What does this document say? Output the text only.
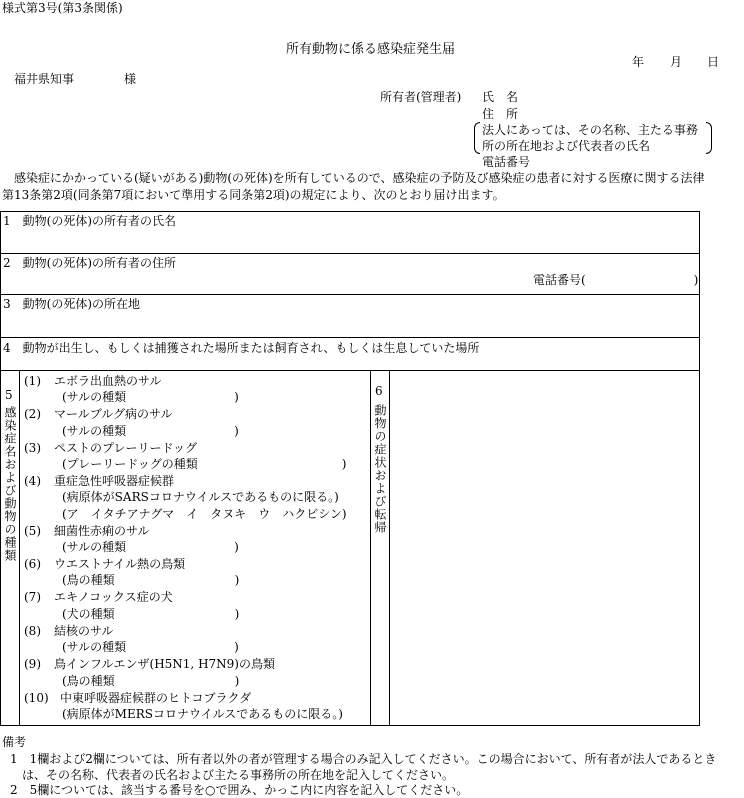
様式第3号(第3条関係)
所有動物に係る感染症発生届
年 月 日
福井県知事	様
所有者(管理者) 氏　名
住　所
法人にあっては、その名称、主たる事務
所の所在地および代表者の氏名
電話番号
　感染症にかかっている(疑いがある)動物(の死体)を所有しているので、感染症の予防及び感染症の患者に対する医療に関する法律
第13条第2項(同条第7項において準用する同条第2項)の規定により、次のとおり届け出ます。
1　動物(の死体)の所有者の氏名
2　動物(の死体)の所有者の住所
電話番号(　　　　　　　　　)
3　動物(の死体)の所在地
4　動物が出生し、もしくは捕獲された場所または飼育され、もしくは生息していた場所
5
感染症名および動物の種類
(1) エボラ出血熱のサル
(サルの種類　　　　　　　　　)
(2) マールブルグ病のサル
(サルの種類　　　　　　　　　)
(3) ペストのプレーリードッグ
(プレーリードッグの種類　　　　　　　　　　　　)
(4) 重症急性呼吸器症候群
(病原体がSARSコロナウイルスであるものに限る。)
(ア　イタチアナグマ　イ　タヌキ　ウ　ハクビシン)
(5) 細菌性赤痢のサル
(サルの種類　　　　　　　　　)
(6) ウエストナイル熱の鳥類
(鳥の種類　　　　　　　　　　)
(7) エキノコックス症の犬
(犬の種類　　　　　　　　　　)
(8) 結核のサル
(サルの種類　　　　　　　　　)
(9) 鳥インフルエンザ(H5N1, H7N9)の鳥類
(鳥の種類　　　　　　　　　　)
(10) 中東呼吸器症候群のヒトコブラクダ
(病原体がMERSコロナウイルスであるものに限る。)
6
動物の症状および転帰
備考
1　1欄および2欄については、所有者以外の者が管理する場合のみ記入してください。この場合において、所有者が法人であるとき
は、その名称、代表者の氏名および主たる事務所の所在地を記入してください。
2　5欄については、該当する番号を○で囲み、かっこ内に内容を記入してください。
